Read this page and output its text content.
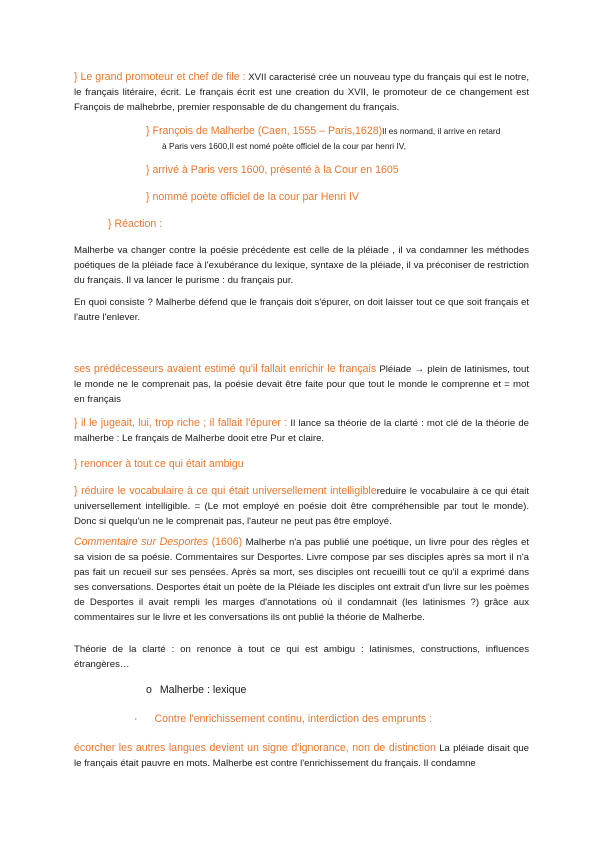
} Le grand promoteur et chef de file : XVII caracterisé crée un nouveau type du français qui est le notre, le français litéraire, écrit. Le français écrit est une creation du XVII, le promoteur de ce changement est François de malhebrbe, premier responsable de du changement du français.
} François de Malherbe (Caen, 1555 – Paris,1628)Il es normand, il arrive en retard
à Paris vers 1600,Il est nomé poète officiel de la cour par henri IV,
} arrivé à Paris vers 1600, présenté à la Cour en 1605
} nommé poète officiel de la cour par Henri IV
} Réaction :
Malherbe va changer contre la poésie précédente est celle de la pléiade , il va condamner les méthodes poétiques de la pléiade face à l'exubérance du lexique, syntaxe de la pléiade, il va préconiser de restriction du français. Il va lancer le purisme : du français pur.
En quoi consiste ? Malherbe défend que le français doit s'épurer, on doit laisser tout ce que soit français et l'autre l'enlever.
ses prédécesseurs avaient estimé qu'il fallait enrichir le français Pléiade → plein de latinismes, tout le monde ne le comprenait pas, la poésie devait être faite pour que tout le monde le comprenne et = mot en français
} il le jugeait, lui, trop riche ; il fallait l'épurer : Il lance sa théorie de la clarté : mot clé de la théorie de malherbe : Le français de Malherbe dooit etre Pur et claire.
} renoncer à tout ce qui était ambigu
} réduire le vocabulaire à ce qui était universellement intelligiblereduire le vocabulaire à ce qui était universellement intelligible. = (Le mot employé en poésie doit être compréhensible par tout le monde). Donc si quelqu'un ne le comprenait pas, l'auteur ne peut pas être employé.
Commentaire sur Desportes (1606) Malherbe n'a pas publié une poétique, un livre pour des règles et sa vision de sa poésie. Commentaires sur Desportes. Livre compose par ses disciples après sa mort il n'a pas fait un recueil sur ses pensées. Après sa mort, ses disciples ont recueilli tout ce qu'il a exprimé dans ses conversations. Desportes était un poète de la Pléiade les disciples ont extrait d'un livre sur les poèmes de Desportes il avait rempli les marges d'annotations où il condamnait (les latinismes ?) grâce aux commentaires sur le livre et les conversations ils ont publié la théorie de Malherbe.
Théorie de la clarté : on renonce à tout ce qui est ambigu : latinismes, constructions, influences étrangères…
o Malherbe : lexique
· Contre l'enrichissement continu, interdiction des emprunts :
écorcher les autres langues devient un signe d'ignorance, non de distinction La pléiade disait que le français était pauvre en mots. Malherbe est contre l'enrichissement du français. Il condamne
